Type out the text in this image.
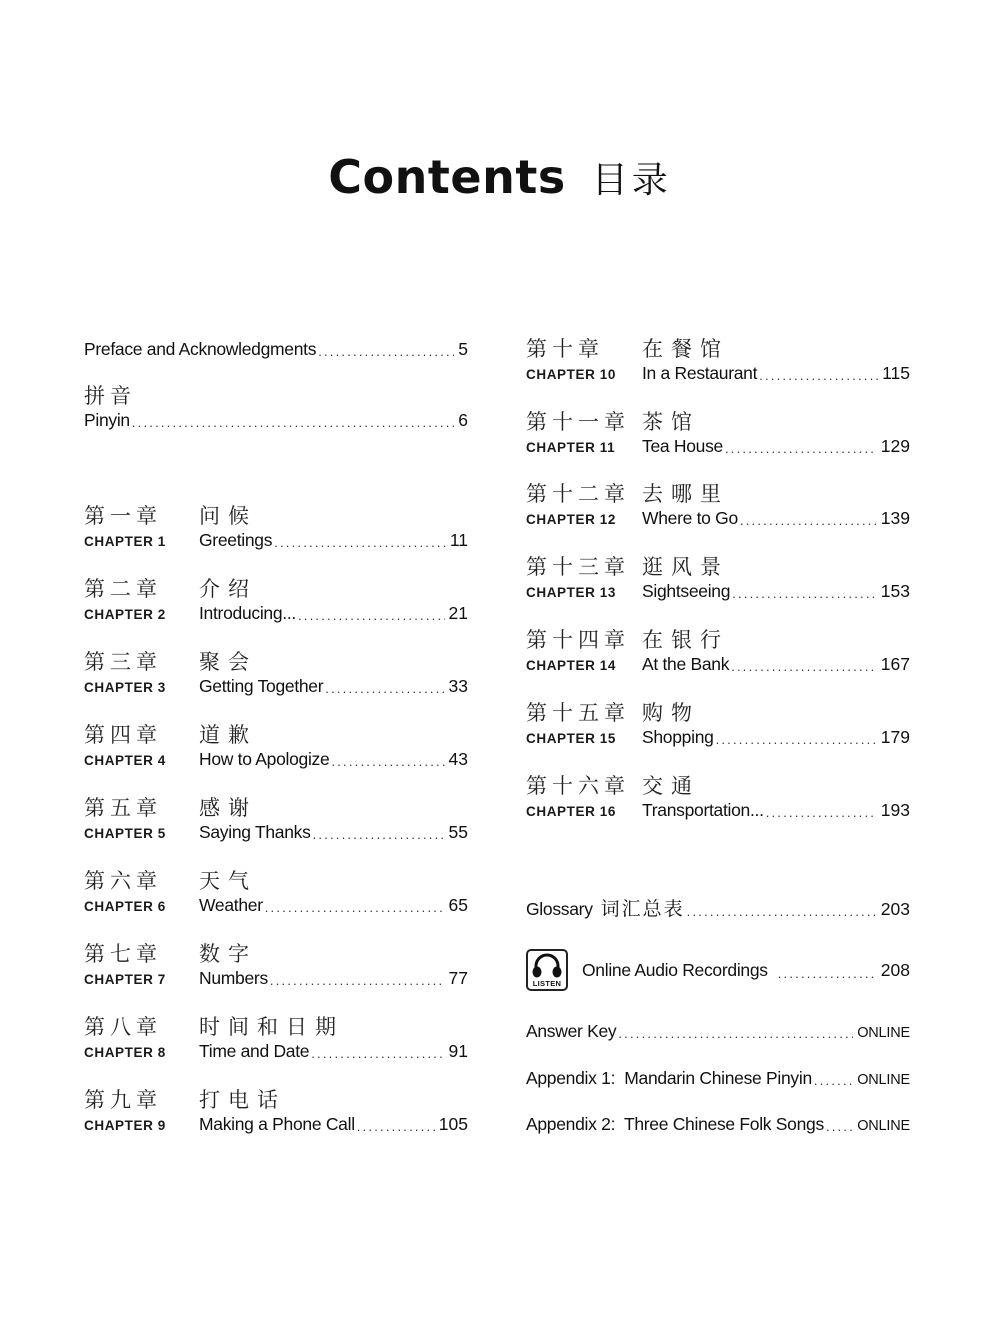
Contents 目录
Preface and Acknowledgments .....	5
拼音
Pinyin .....	6
第一章	问候
CHAPTER 1	Greetings .....	11
第二章	介绍
CHAPTER 2	Introducing... .....	21
第三章	聚会
CHAPTER 3	Getting Together .....	33
第四章	道歉
CHAPTER 4	How to Apologize .....	43
第五章	感谢
CHAPTER 5	Saying Thanks .....	55
第六章	天气
CHAPTER 6	Weather .....	65
第七章	数字
CHAPTER 7	Numbers .....	77
第八章	时间和日期
CHAPTER 8	Time and Date .....	91
第九章	打电话
CHAPTER 9	Making a Phone Call .....	105
第十章	在餐馆
CHAPTER 10	In a Restaurant .....	115
第十一章 茶馆
CHAPTER 11	Tea House .....	129
第十二章 去哪里
CHAPTER 12	Where to Go .....	139
第十三章 逛风景
CHAPTER 13	Sightseeing .....	153
第十四章 在银行
CHAPTER 14	At the Bank .....	167
第十五章 购物
CHAPTER 15	Shopping .....	179
第十六章 交通
CHAPTER 16	Transportation... .....	193
Glossary 词汇总表 .....	203
LISTEN
Online Audio Recordings .....	208
Answer Key .....	ONLINE
Appendix 1:  Mandarin Chinese Pinyin .....	ONLINE
Appendix 2:  Three Chinese Folk Songs ..... ONLINE
